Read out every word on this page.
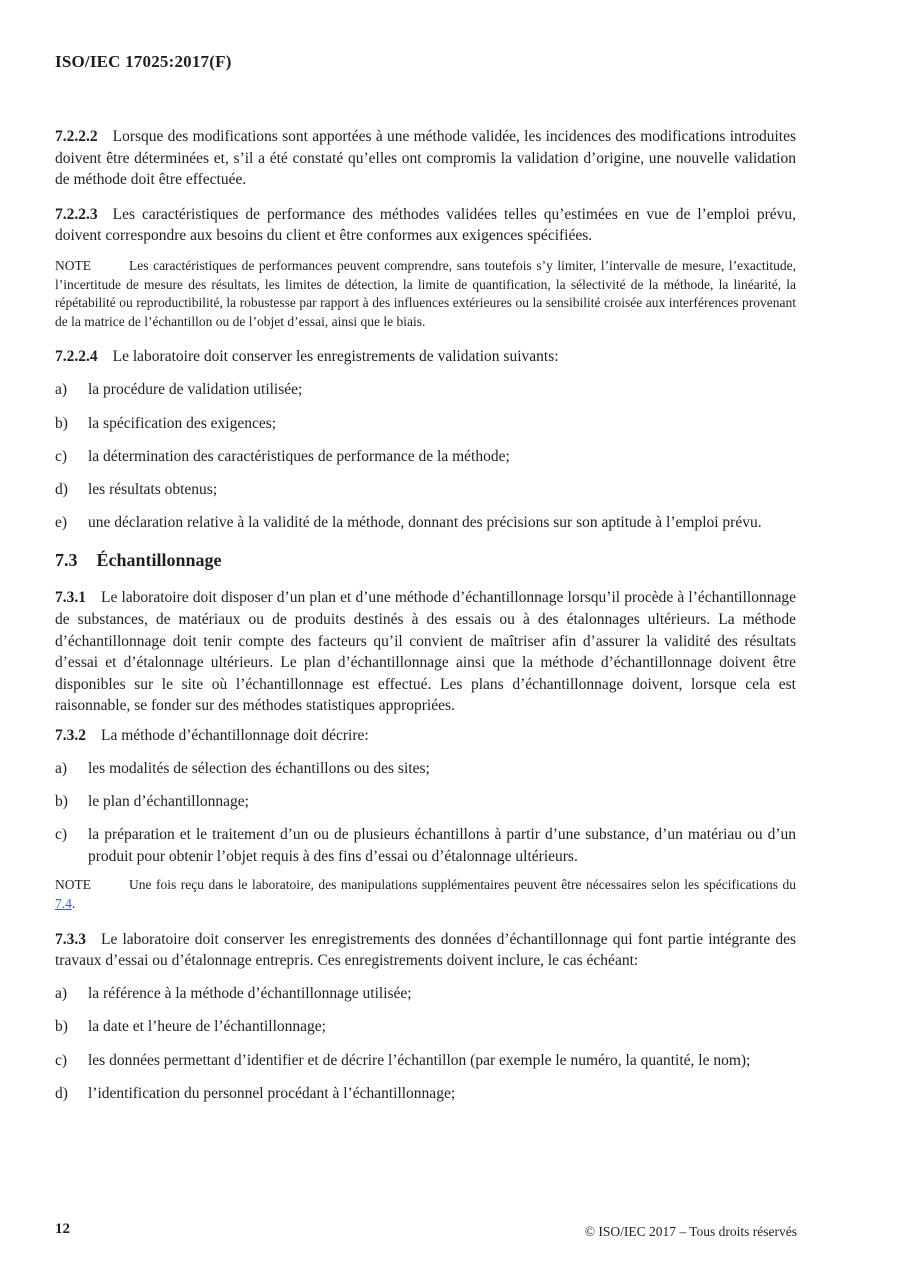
ISO/IEC 17025:2017(F)

7.2.2.2 Lorsque des modifications sont apportées à une méthode validée, les incidences des modifications introduites doivent être déterminées et, s’il a été constaté qu’elles ont compromis la validation d’origine, une nouvelle validation de méthode doit être effectuée.

7.2.2.3 Les caractéristiques de performance des méthodes validées telles qu’estimées en vue de l’emploi prévu, doivent correspondre aux besoins du client et être conformes aux exigences spécifiées.

NOTE	Les caractéristiques de performances peuvent comprendre, sans toutefois s’y limiter, l’intervalle de mesure, l’exactitude, l’incertitude de mesure des résultats, les limites de détection, la limite de quantification, la sélectivité de la méthode, la linéarité, la répétabilité ou reproductibilité, la robustesse par rapport à des influences extérieures ou la sensibilité croisée aux interférences provenant de la matrice de l’échantillon ou de l’objet d’essai, ainsi que le biais.

7.2.2.4 Le laboratoire doit conserver les enregistrements de validation suivants:

a)	la procédure de validation utilisée;
b)	la spécification des exigences;
c)	la détermination des caractéristiques de performance de la méthode;
d)	les résultats obtenus;
e)	une déclaration relative à la validité de la méthode, donnant des précisions sur son aptitude à l’emploi prévu.
7.3 Échantillonnage

7.3.1 Le laboratoire doit disposer d’un plan et d’une méthode d’échantillonnage lorsqu’il procède à l’échantillonnage de substances, de matériaux ou de produits destinés à des essais ou à des étalonnages ultérieurs. La méthode d’échantillonnage doit tenir compte des facteurs qu’il convient de maîtriser afin d’assurer la validité des résultats d’essai et d’étalonnage ultérieurs. Le plan d’échantillonnage ainsi que la méthode d’échantillonnage doivent être disponibles sur le site où l’échantillonnage est effectué. Les plans d’échantillonnage doivent, lorsque cela est raisonnable, se fonder sur des méthodes statistiques appropriées.

7.3.2 La méthode d’échantillonnage doit décrire:

a)	les modalités de sélection des échantillons ou des sites;
b)	le plan d’échantillonnage;
c)	la préparation et le traitement d’un ou de plusieurs échantillons à partir d’une substance, d’un matériau ou d’un produit pour obtenir l’objet requis à des fins d’essai ou d’étalonnage ultérieurs.

NOTE	Une fois reçu dans le laboratoire, des manipulations supplémentaires peuvent être nécessaires selon les spécifications du 7.4.

7.3.3 Le laboratoire doit conserver les enregistrements des données d’échantillonnage qui font partie intégrante des travaux d’essai ou d’étalonnage entrepris. Ces enregistrements doivent inclure, le cas échéant:

a)	la référence à la méthode d’échantillonnage utilisée;
b)	la date et l’heure de l’échantillonnage;
c)	les données permettant d’identifier et de décrire l’échantillon (par exemple le numéro, la quantité, le nom);
d)	l’identification du personnel procédant à l’échantillonnage;
12	© ISO/IEC 2017 – Tous droits réservés
